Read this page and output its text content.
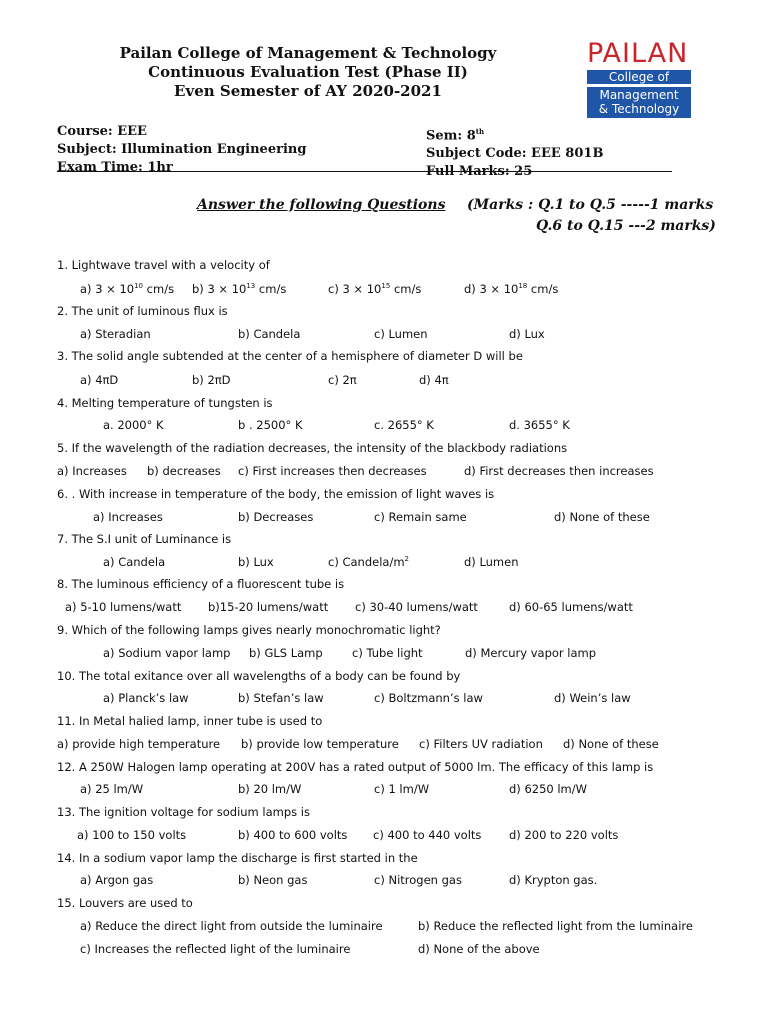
Pailan College of Management & Technology
Continuous Evaluation Test (Phase II)
Even Semester of AY 2020-2021
PAILAN
College of
Management
& Technology
Course: EEE
Subject: Illumination Engineering
Exam Time: 1hr
Sem: 8th
Subject Code: EEE 801B
Full Marks: 25
Answer the following Questions (Marks : Q.1 to Q.5 -----1 marks
Q.6 to Q.15 ---2 marks)
1. Lightwave travel with a velocity of
a) $3 \times 10^{10}$ cm/s b) $3 \times 10^{13}$ cm/s	c) $3 \times 10^{15}$ cm/s	d) $3 \times 10^{18}$ cm/s
2. The unit of luminous flux is
a) Steradian	b) Candela	c) Lumen	d) Lux
3. The solid angle subtended at the center of a hemisphere of diameter D will be
a) 4πD	b) 2πD	c) 2π	d) 4π
4. Melting temperature of tungsten is
a. 2000° K	b . 2500° K	c. 2655° K	d. 3655° K
5. If the wavelength of the radiation decreases, the intensity of the blackbody radiations
a) Increases b) decreases c) First increases then decreases	d) First decreases then increases
6. . With increase in temperature of the body, the emission of light waves is
a) Increases	b) Decreases	c) Remain same	d) None of these
7. The S.I unit of Luminance is
a) Candela	b) Lux	c) Candela/$m^2$	d) Lumen
8. The luminous efficiency of a fluorescent tube is
a) 5-10 lumens/watt b)15-20 lumens/watt c) 30-40 lumens/watt	d) 60-65 lumens/watt
9. Which of the following lamps gives nearly monochromatic light?
a) Sodium vapor lamp b) GLS Lamp	c) Tube light	d) Mercury vapor lamp
10. The total exitance over all wavelengths of a body can be found by
a) Planck’s law	b) Stefan’s law	c) Boltzmann’s law	d) Wein’s law
11. In Metal halied lamp, inner tube is used to
a) provide high temperature b) provide low temperature c) Filters UV radiation d) None of these
12. A 250W Halogen lamp operating at 200V has a rated output of 5000 lm. The efficacy of this lamp is
a) 25 lm/W	b) 20 lm/W	c) 1 lm/W	d) 6250 lm/W
13. The ignition voltage for sodium lamps is
a) 100 to 150 volts	b) 400 to 600 volts c) 400 to 440 volts d) 200 to 220 volts
14. In a sodium vapor lamp the discharge is first started in the
a) Argon gas	b) Neon gas	c) Nitrogen gas	d) Krypton gas.
15. Louvers are used to
a) Reduce the direct light from outside the luminaire	b) Reduce the reflected light from the luminaire
c) Increases the reflected light of the luminaire	d) None of the above
